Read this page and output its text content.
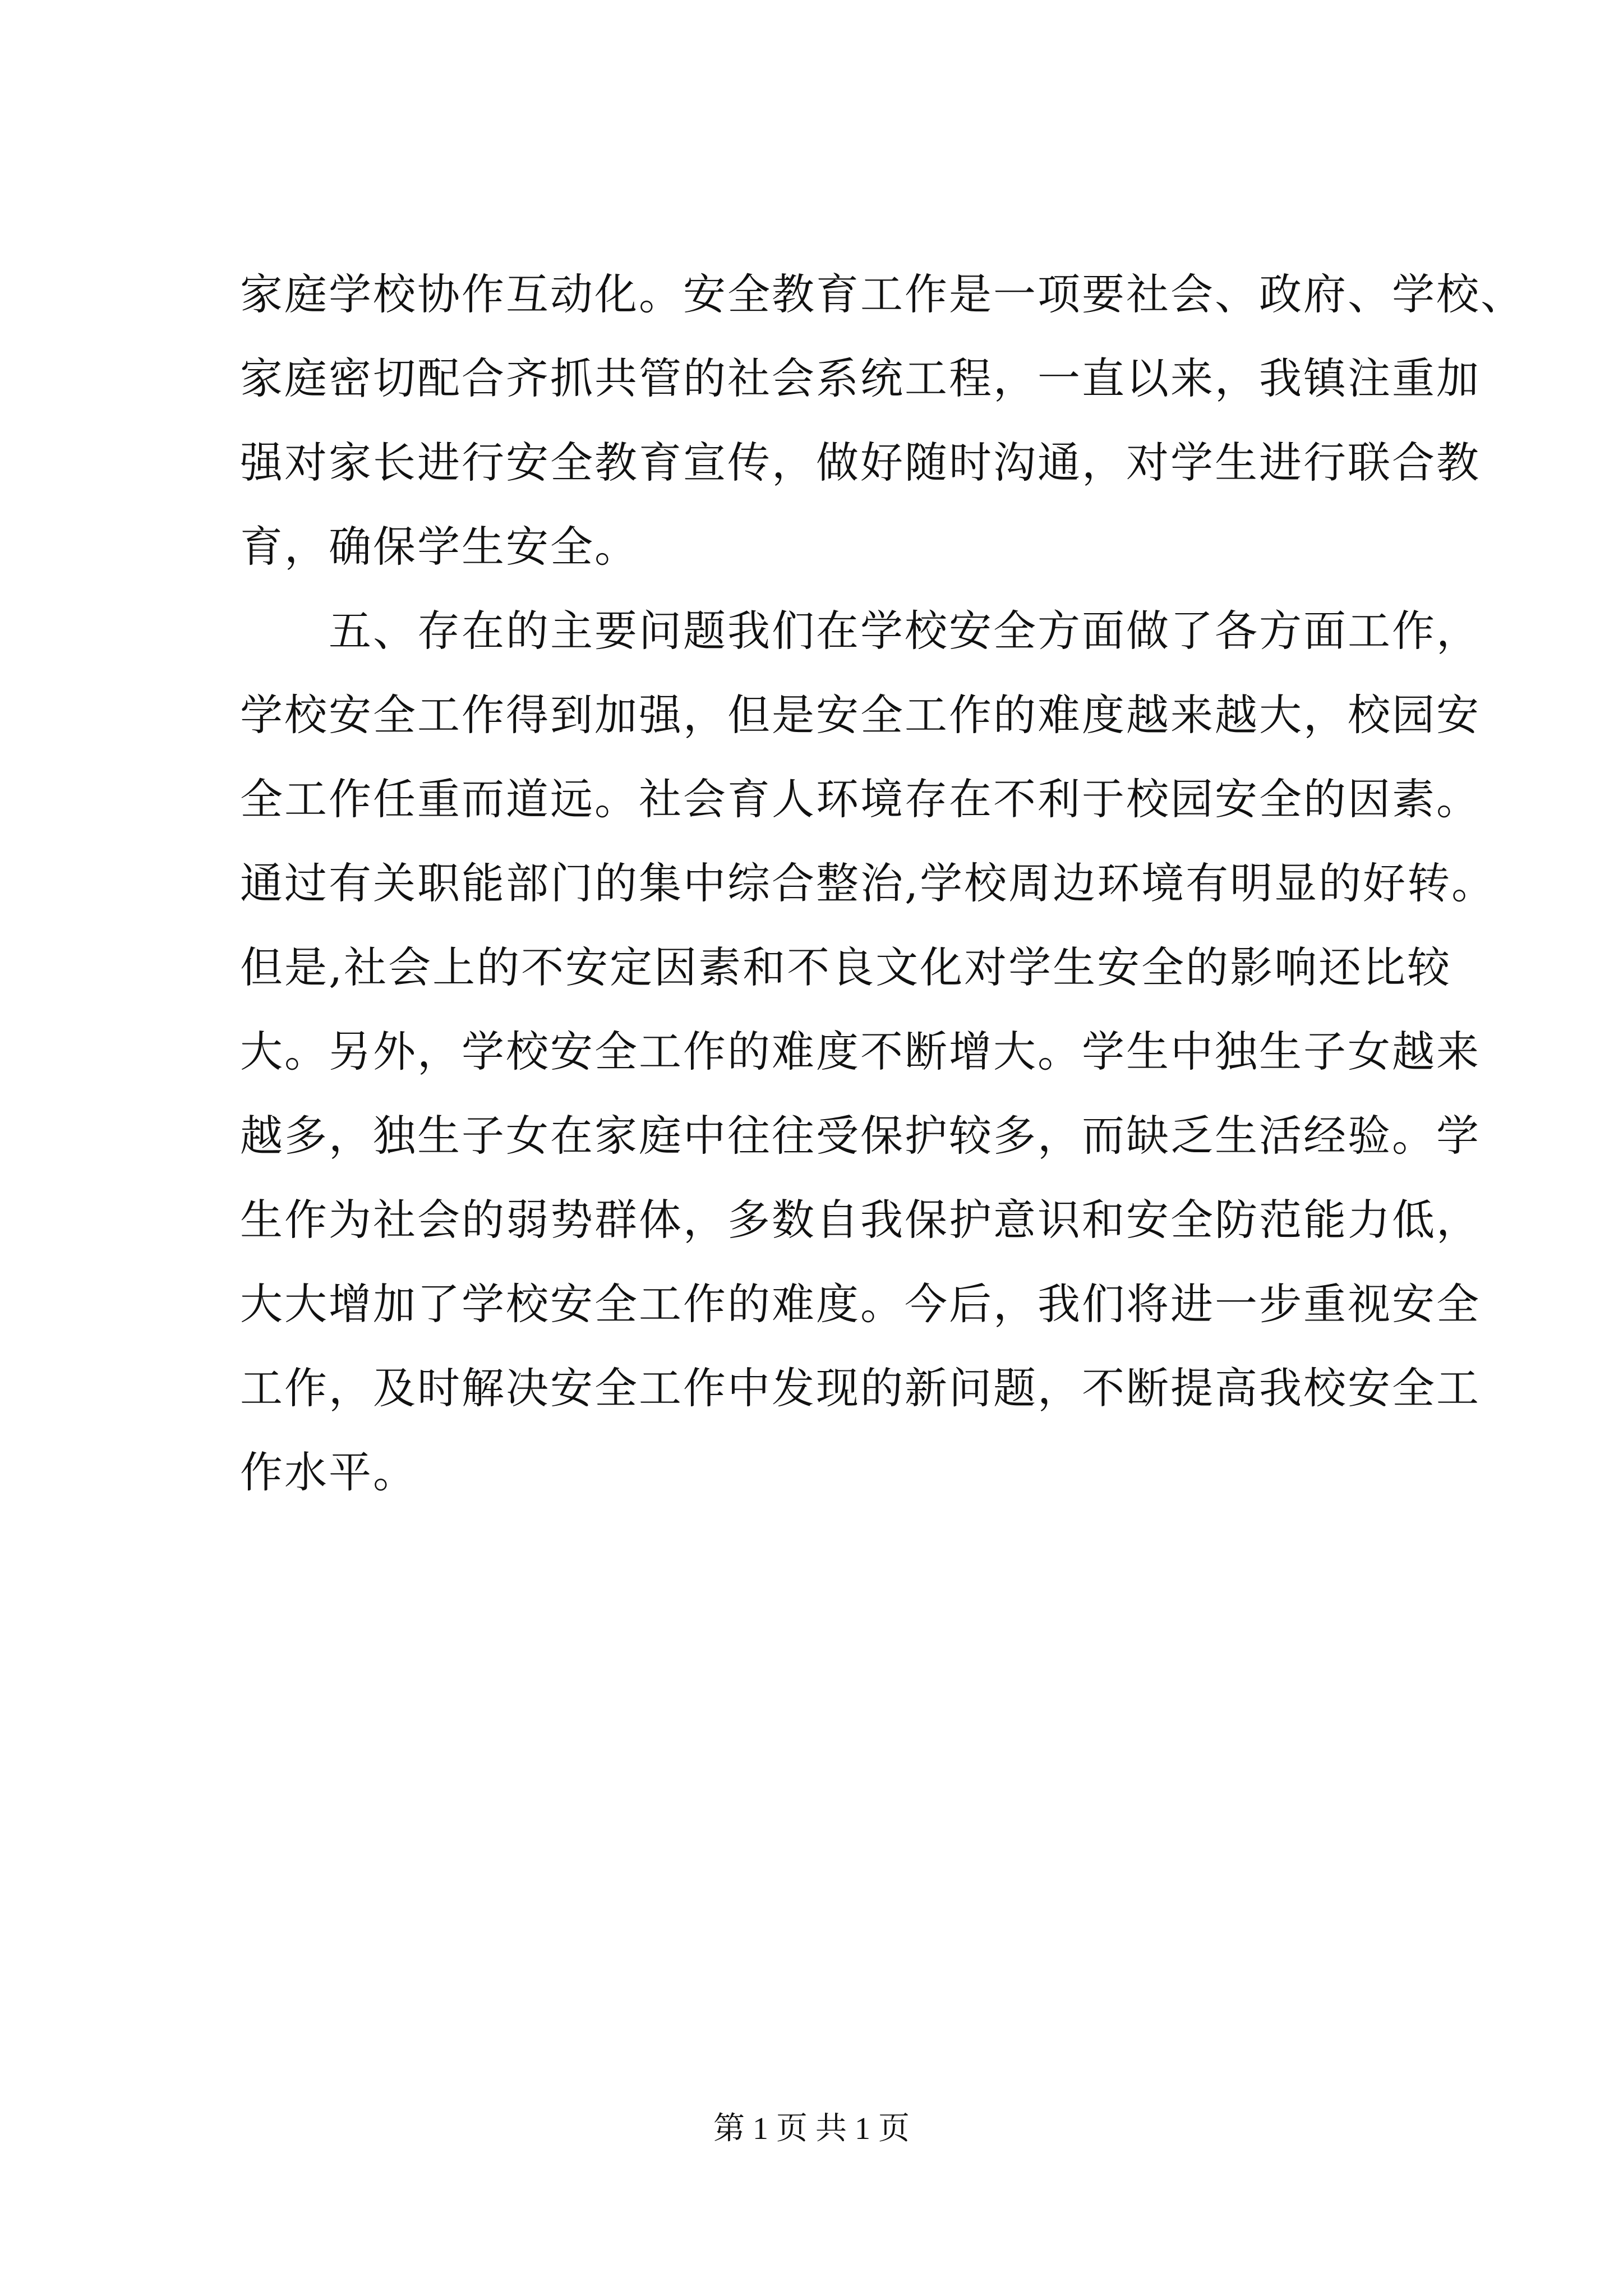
家庭学校协作互动化。安全教育工作是一项要社会、政府、学校、
家庭密切配合齐抓共管的社会系统工程，一直以来，我镇注重加
强对家长进行安全教育宣传，做好随时沟通，对学生进行联合教
育，确保学生安全。
　　五、存在的主要问题我们在学校安全方面做了各方面工作，
学校安全工作得到加强，但是安全工作的难度越来越大，校园安
全工作任重而道远。社会育人环境存在不利于校园安全的因素。
通过有关职能部门的集中综合整治,学校周边环境有明显的好转。
但是,社会上的不安定因素和不良文化对学生安全的影响还比较
大。另外，学校安全工作的难度不断增大。学生中独生子女越来
越多，独生子女在家庭中往往受保护较多，而缺乏生活经验。学
生作为社会的弱势群体，多数自我保护意识和安全防范能力低，
大大增加了学校安全工作的难度。今后，我们将进一步重视安全
工作，及时解决安全工作中发现的新问题，不断提高我校安全工
作水平。
第 1 页 共 1 页
